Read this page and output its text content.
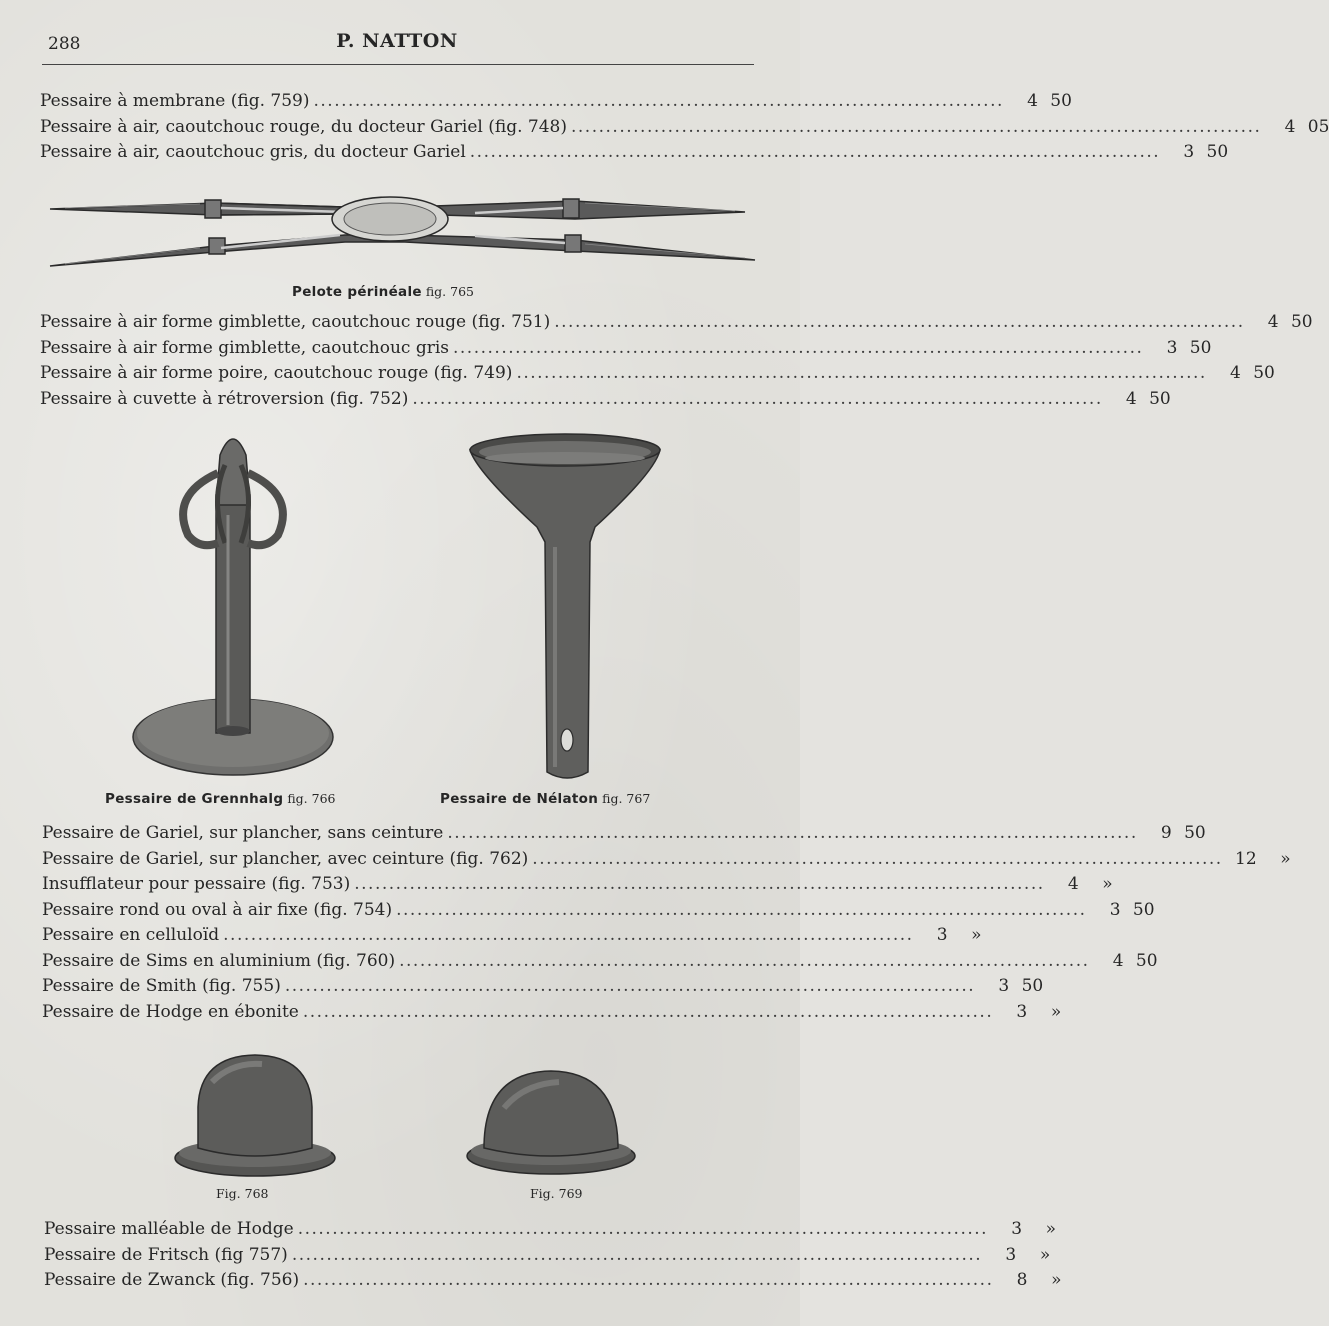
288	P. NATTON
Pessaire à membrane (fig. 759) ....................................................................................................	4 50
Pessaire à air, caoutchouc rouge, du docteur Gariel (fig. 748) ....................................................................................................	4 05
Pessaire à air, caoutchouc gris, du docteur Gariel ....................................................................................................	3 50
Pelote périnéale fig. 765
Pessaire à air forme gimblette, caoutchouc rouge (fig. 751) ....................................................................................................	4 50
Pessaire à air forme gimblette, caoutchouc gris ....................................................................................................	3 50
Pessaire à air forme poire, caoutchouc rouge (fig. 749) ....................................................................................................	4 50
Pessaire à cuvette à rétroversion (fig. 752) ....................................................................................................	4 50
Pessaire de Grennhalg fig. 766	Pessaire de Nélaton fig. 767
Pessaire de Gariel, sur plancher, sans ceinture ....................................................................................................	9 50
Pessaire de Gariel, sur plancher, avec ceinture (fig. 762) .................................................................................................... 12	»
Insufflateur pour pessaire (fig. 753) ....................................................................................................	4	»
Pessaire rond ou oval à air fixe (fig. 754) ....................................................................................................	3 50
Pessaire en celluloïd ....................................................................................................	3	»
Pessaire de Sims en aluminium (fig. 760) ....................................................................................................	4 50
Pessaire de Smith (fig. 755) ....................................................................................................	3 50
Pessaire de Hodge en ébonite ....................................................................................................	3	»
Fig. 768	Fig. 769
Pessaire malléable de Hodge ....................................................................................................	3	»
Pessaire de Fritsch (fig 757) ....................................................................................................	3	»
Pessaire de Zwanck (fig. 756) ....................................................................................................	8	»
